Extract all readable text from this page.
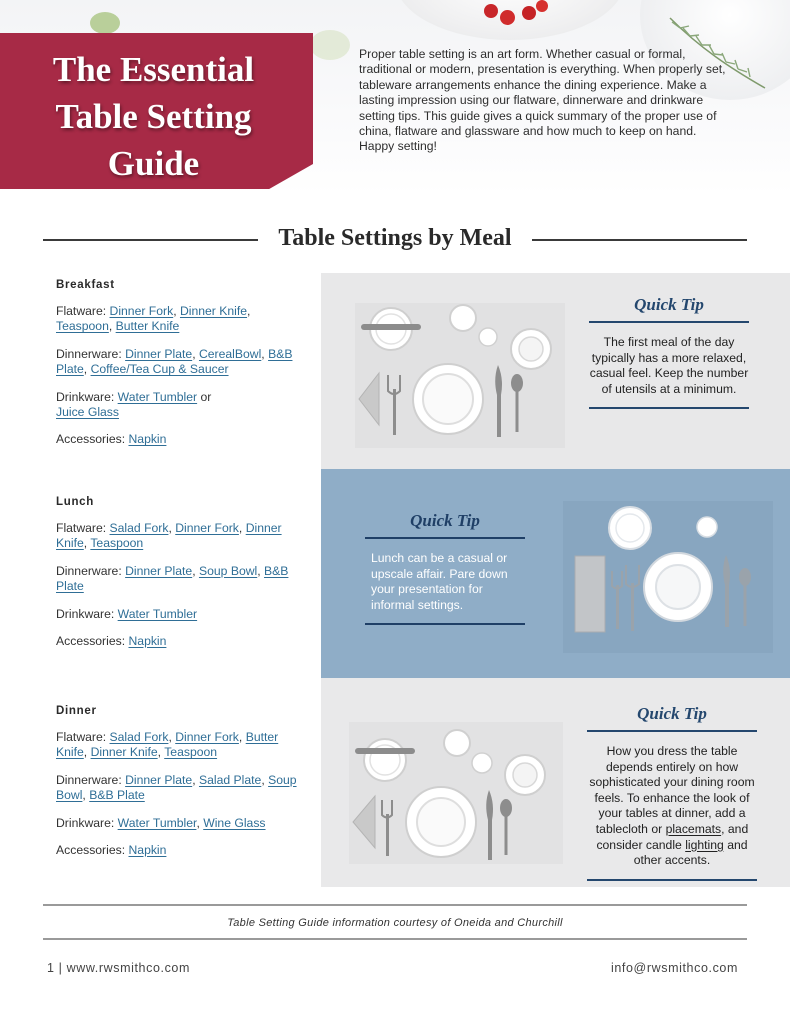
The Essential
Table Setting
Guide

Proper table setting is an art form. Whether casual or formal, traditional or modern, presentation is everything. When properly set, tableware arrangements enhance the dining experience. Make a lasting impression using our flatware, dinnerware and drinkware setting tips. This guide gives a quick summary of the proper use of china, flatware and glassware and how much to keep on hand. Happy setting!

Table Settings by Meal
Breakfast
Flatware: Dinner Fork, Dinner Knife, Teaspoon, Butter Knife
Dinnerware: Dinner Plate, CerealBowl, B&B Plate, Coffee/Tea Cup & Saucer
Drinkware: Water Tumbler or
Juice Glass
Accessories: Napkin
Quick Tip
The first meal of the day typically has a more relaxed, casual feel. Keep the number of utensils at a minimum.
Lunch
Flatware: Salad Fork, Dinner Fork, Dinner Knife, Teaspoon
Dinnerware: Dinner Plate, Soup Bowl, B&B Plate
Drinkware: Water Tumbler
Accessories: Napkin
Quick Tip
Lunch can be a casual or upscale affair. Pare down your presentation for informal settings.
Dinner
Flatware: Salad Fork, Dinner Fork, Butter Knife, Dinner Knife, Teaspoon
Dinnerware: Dinner Plate, Salad Plate, Soup Bowl, B&B Plate
Drinkware: Water Tumbler, Wine Glass
Accessories: Napkin
Quick Tip
How you dress the table depends entirely on how sophisticated your dining room feels. To enhance the look of your tables at dinner, add a tablecloth or placemats, and consider candle lighting and other accents.
Table Setting Guide information courtesy of Oneida and Churchill
1 | www.rwsmithco.com	info@rwsmithco.com
